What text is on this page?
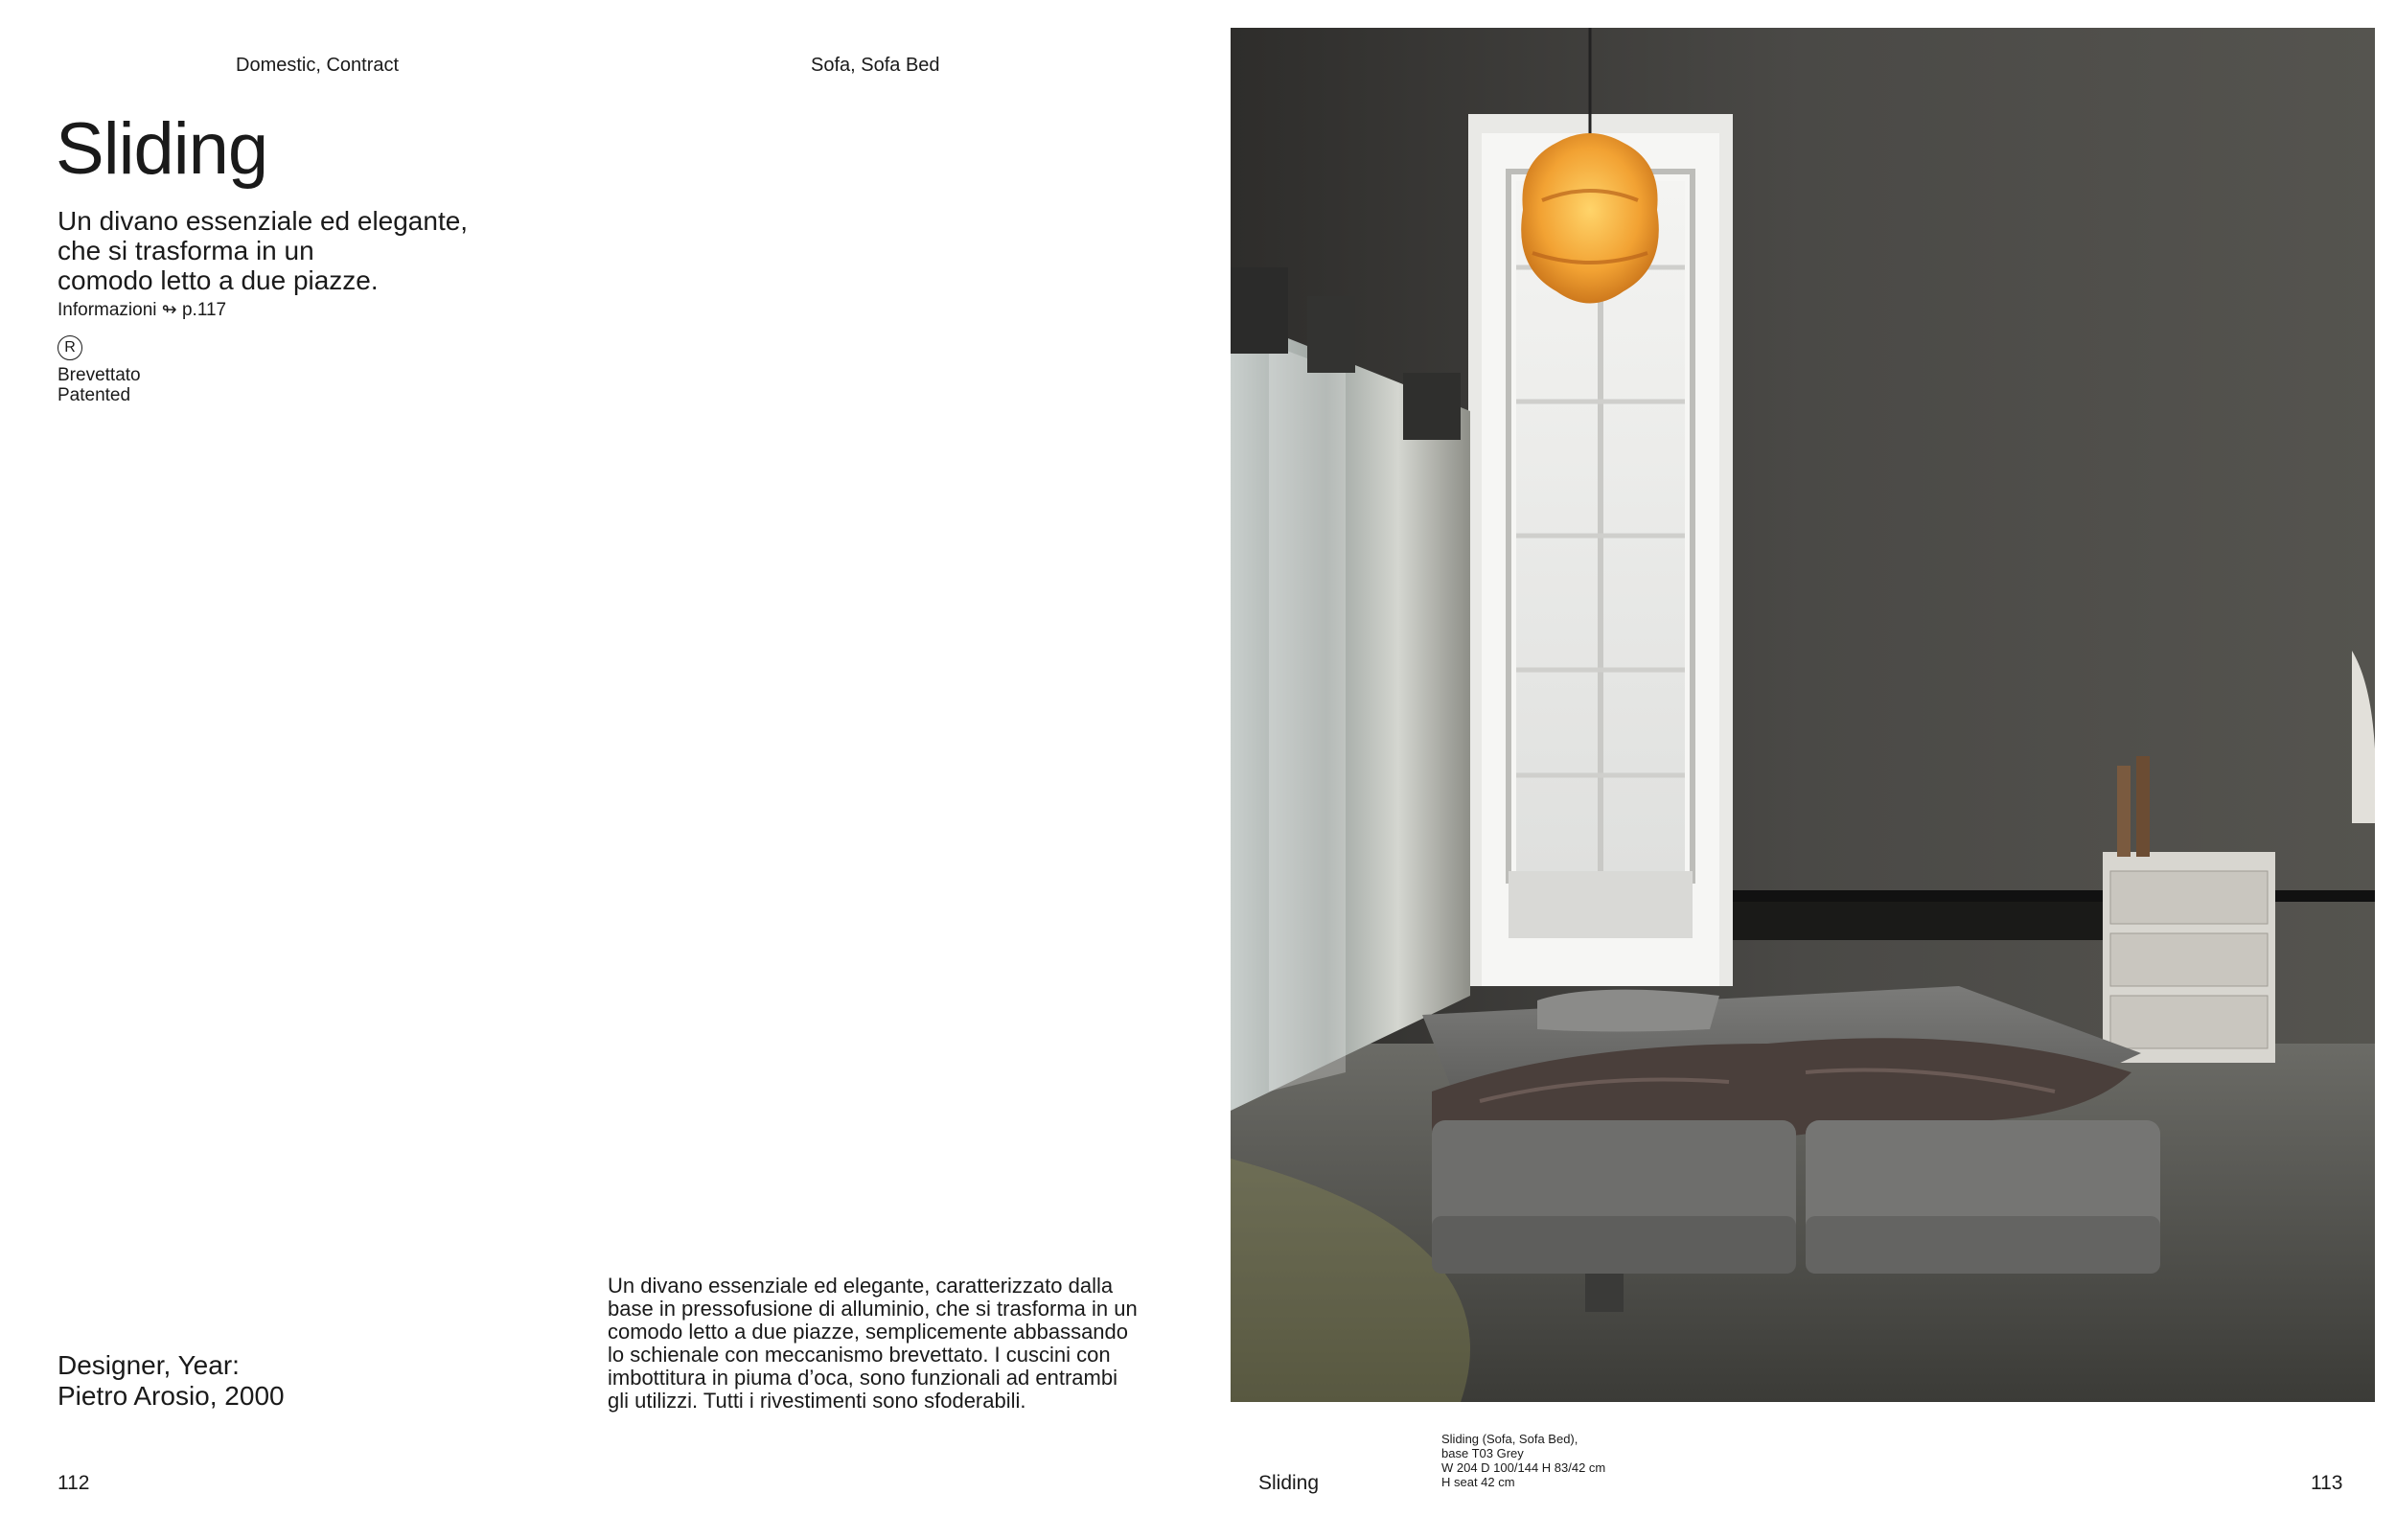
Domestic, Contract	Sofa, Sofa Bed
Sliding
Un divano essenziale ed elegante,
che si trasforma in un
comodo letto a due piazze.
Informazioni ↬ p.117
R
Brevettato
Patented
Designer, Year:
Pietro Arosio, 2000
Un divano essenziale ed elegante, caratterizzato dalla
base in pressofusione di alluminio, che si trasforma in un
comodo letto a due piazze, semplicemente abbassando
lo schienale con meccanismo brevettato. I cuscini con
imbottitura in piuma d’oca, sono funzionali ad entrambi
gli utilizzi. Tutti i rivestimenti sono sfoderabili.
112	Sliding
Sliding (Sofa, Sofa Bed),
base T03 Grey
W 204 D 100/144 H 83/42 cm
H seat 42 cm	113
